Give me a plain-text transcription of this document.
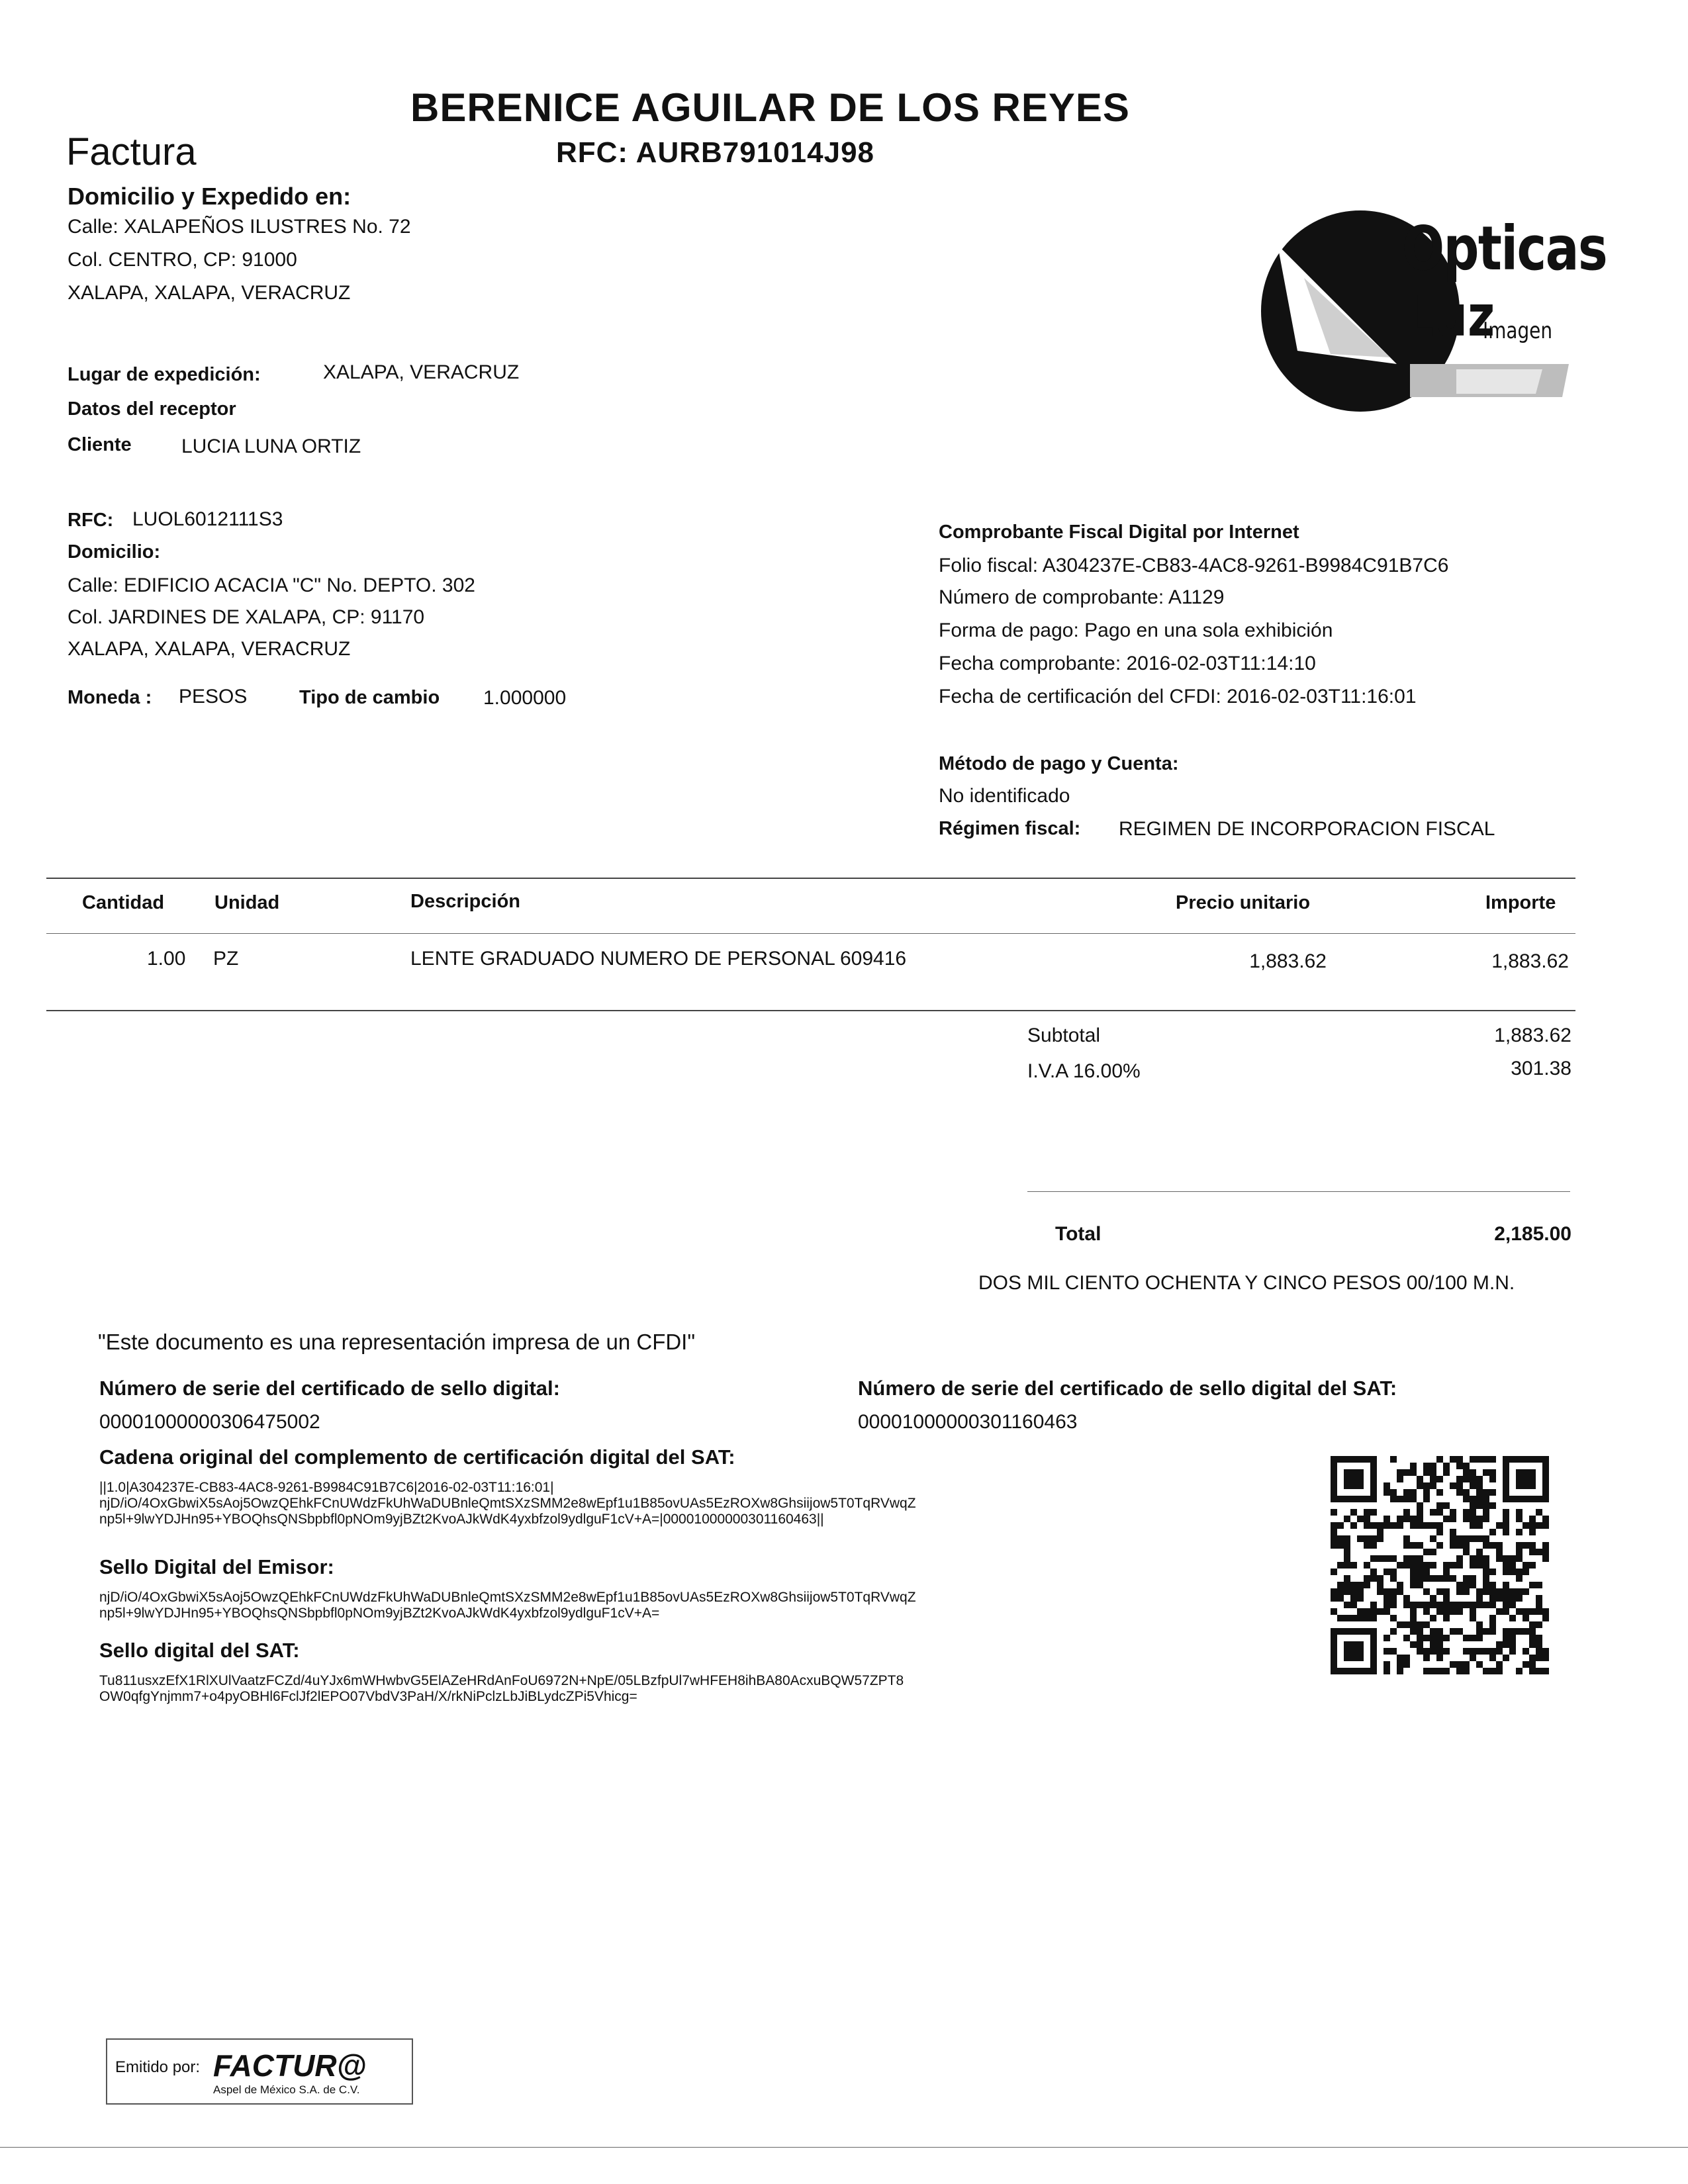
BERENICE AGUILAR DE LOS REYES
RFC: AURB791014J98
Factura
Domicilio y Expedido en:
Calle: XALAPEÑOS ILUSTRES No. 72
Col. CENTRO, CP: 91000
XALAPA, XALAPA, VERACRUZ
Opticas
Luz
Imagen
Lugar de expedición:	XALAPA, VERACRUZ
Datos del receptor
Cliente	LUCIA LUNA ORTIZ
RFC: LUOL6012111S3
Domicilio:
Calle: EDIFICIO ACACIA "C" No. DEPTO. 302
Col. JARDINES DE XALAPA, CP: 91170
XALAPA, XALAPA, VERACRUZ
Moneda : PESOS	Tipo de cambio 1.000000
Comprobante Fiscal Digital por Internet
Folio fiscal: A304237E-CB83-4AC8-9261-B9984C91B7C6
Número de comprobante: A1129
Forma de pago: Pago en una sola exhibición
Fecha comprobante: 2016-02-03T11:14:10
Fecha de certificación del CFDI: 2016-02-03T11:16:01
Método de pago y Cuenta:
No identificado
Régimen fiscal: REGIMEN DE INCORPORACION FISCAL
Cantidad	Unidad	Descripción	Precio unitario	Importe
1.00 PZ	LENTE GRADUADO NUMERO DE PERSONAL 609416	1,883.62	1,883.62
Subtotal	1,883.62
I.V.A 16.00%	301.38
Total	2,185.00
DOS MIL CIENTO OCHENTA Y CINCO PESOS 00/100 M.N.
"Este documento es una representación impresa de un CFDI"
Número de serie del certificado de sello digital:
00001000000306475002
Número de serie del certificado de sello digital del SAT:
00001000000301160463
Cadena original del complemento de certificación digital del SAT:
||1.0|A304237E-CB83-4AC8-9261-B9984C91B7C6|2016-02-03T11:16:01|
njD/iO/4OxGbwiX5sAoj5OwzQEhkFCnUWdzFkUhWaDUBnleQmtSXzSMM2e8wEpf1u1B85ovUAs5EzROXw8Ghsiijow5T0TqRVwqZ
np5l+9lwYDJHn95+YBOQhsQNSbpbfl0pNOm9yjBZt2KvoAJkWdK4yxbfzol9ydlguF1cV+A=|00001000000301160463||
Sello Digital del Emisor:
njD/iO/4OxGbwiX5sAoj5OwzQEhkFCnUWdzFkUhWaDUBnleQmtSXzSMM2e8wEpf1u1B85ovUAs5EzROXw8Ghsiijow5T0TqRVwqZ
np5l+9lwYDJHn95+YBOQhsQNSbpbfl0pNOm9yjBZt2KvoAJkWdK4yxbfzol9ydlguF1cV+A=
Sello digital del SAT:
Tu811usxzEfX1RlXUlVaatzFCZd/4uYJx6mWHwbvG5ElAZeHRdAnFoU6972N+NpE/05LBzfpUl7wHFEH8ihBA80AcxuBQW57ZPT8
OW0qfgYnjmm7+o4pyOBHl6FclJf2lEPO07VbdV3PaH/X/rkNiPclzLbJiBLydcZPi5Vhicg=
Emitido por: FACTUR@
Aspel de México S.A. de C.V.
